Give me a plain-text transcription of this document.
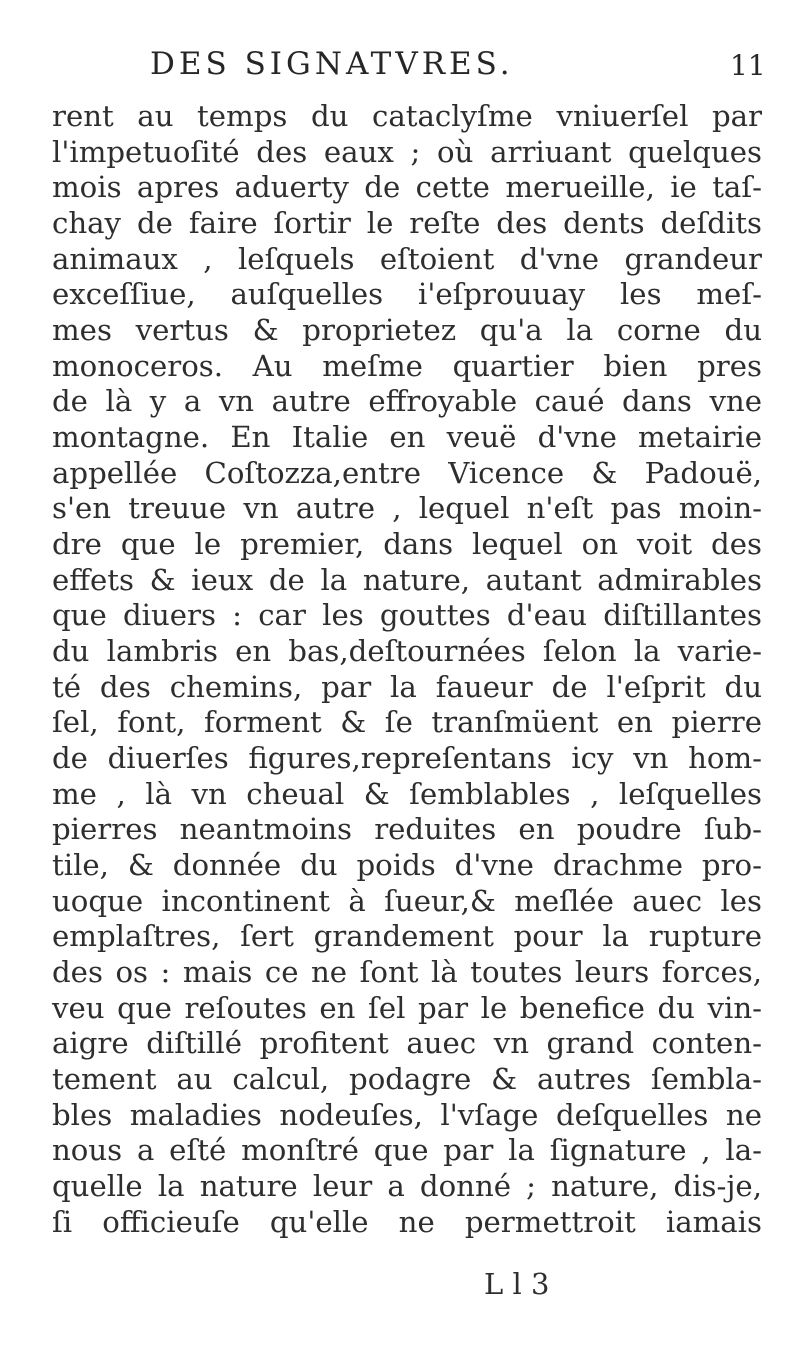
DES SIGNATVRES.	11
rent au temps du cataclyſme vniuerſel par
l'impetuoſité des eaux ; où arriuant quelques
mois apres aduerty de cette merueille, ie taſ-
chay de faire ſortir le reſte des dents deſdits
animaux , leſquels eſtoient d'vne grandeur
exceſſiue, auſquelles i'eſprouuay les meſ-
mes vertus & proprietez qu'a la corne du
monoceros. Au meſme quartier bien pres
de là y a vn autre effroyable caué dans vne
montagne. En Italie en veuë d'vne metairie
appellée Coſtozza,entre Vicence & Padouë,
s'en treuue vn autre , lequel n'eſt pas moin-
dre que le premier, dans lequel on voit des
effets & ieux de la nature, autant admirables
que diuers : car les gouttes d'eau diſtillantes
du lambris en bas,deſtournées ſelon la varie-
té des chemins, par la faueur de l'eſprit du
ſel, font, forment & ſe tranſmüent en pierre
de diuerſes figures,repreſentans icy vn hom-
me , là vn cheual & ſemblables , leſquelles
pierres neantmoins reduites en poudre ſub-
tile, & donnée du poids d'vne drachme pro-
uoque incontinent à ſueur,& meſlée auec les
emplaſtres, ſert grandement pour la rupture
des os : mais ce ne ſont là toutes leurs forces,
veu que reſoutes en ſel par le benefice du vin-
aigre diſtillé profitent auec vn grand conten-
tement au calcul, podagre & autres ſembla-
bles maladies nodeuſes, l'vſage deſquelles ne
nous a eſté monſtré que par la ſignature , la-
quelle la nature leur a donné ; nature, dis-je,
ſi officieuſe qu'elle ne permettroit iamais
L l 3
